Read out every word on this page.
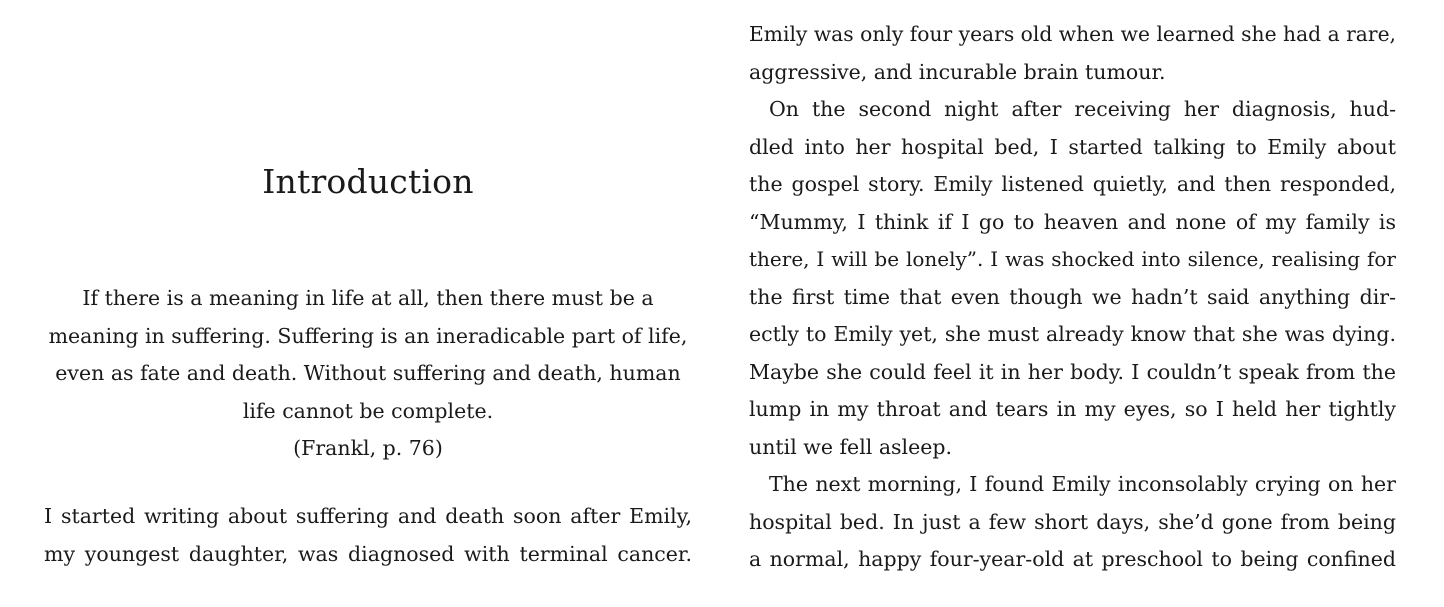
Introduction

If there is a meaning in life at all, then there must be a

meaning in suffering. Suffering is an ineradicable part of life,

even as fate and death. Without suffering and death, human

life cannot be complete.

(Frankl, p. 76)

I started writing about suffering and death soon after Emily,
my youngest daughter, was diagnosed with terminal cancer.

Emily was only four years old when we learned she had a rare,
aggressive, and incurable brain tumour.

On the second night after receiving her diagnosis, hud-
dled into her hospital bed, I started talking to Emily about
the gospel story. Emily listened quietly, and then responded,
“Mummy, I think if I go to heaven and none of my family is
there, I will be lonely”. I was shocked into silence, realising for
the first time that even though we hadn’t said anything dir-
ectly to Emily yet, she must already know that she was dying.
Maybe she could feel it in her body. I couldn’t speak from the
lump in my throat and tears in my eyes, so I held her tightly
until we fell asleep.

The next morning, I found Emily inconsolably crying on her
hospital bed. In just a few short days, she’d gone from being
a normal, happy four-year-old at preschool to being confined
